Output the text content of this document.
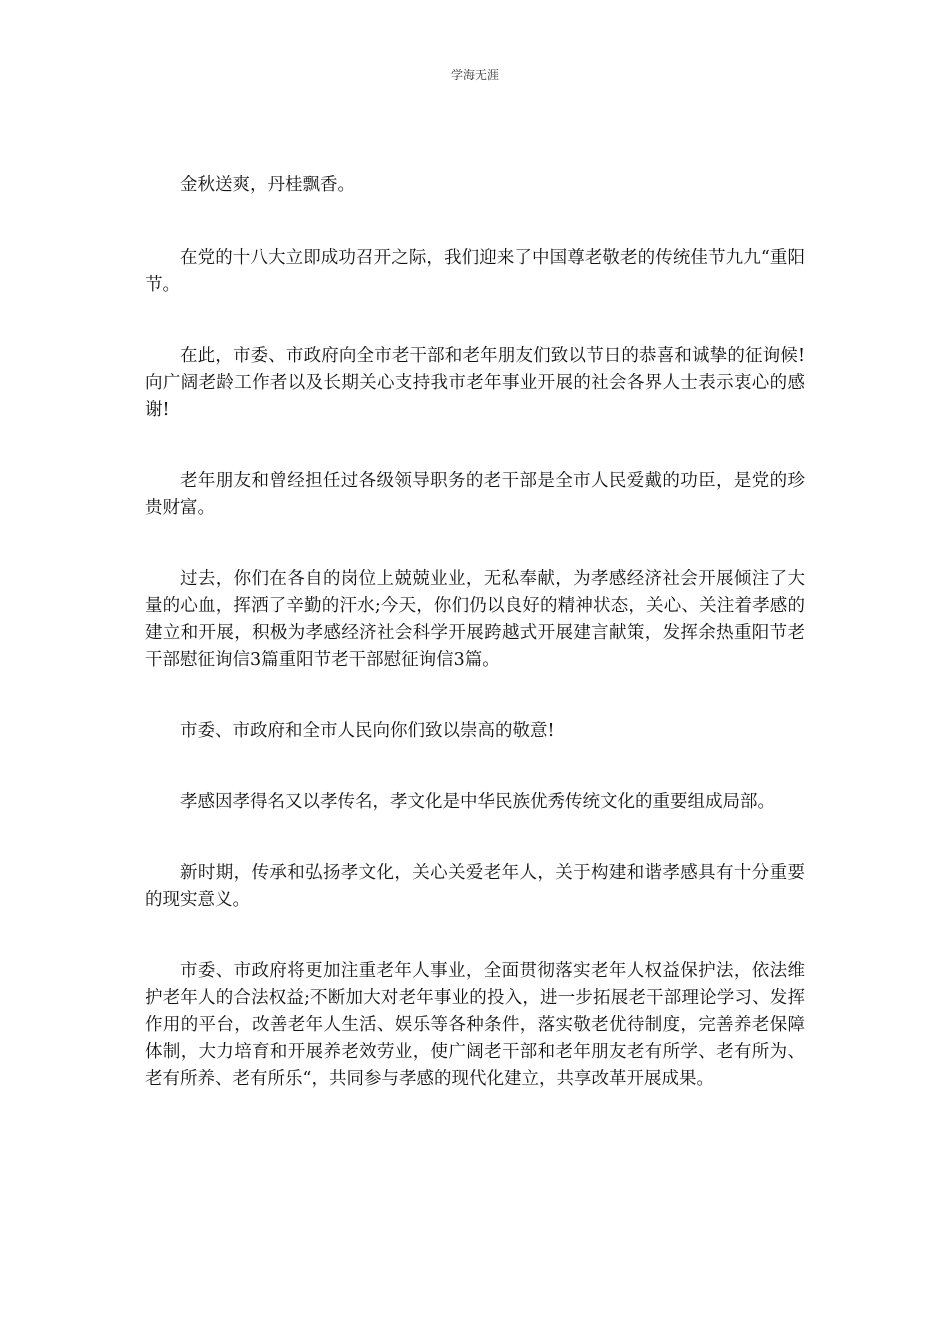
学海无涯

金秋送爽，丹桂飘香。

在党的十八大立即成功召开之际，我们迎来了中国尊老敬老的传统佳节九九“重阳节。

在此，市委、市政府向全市老干部和老年朋友们致以节日的恭喜和诚挚的征询候!向广阔老龄工作者以及长期关心支持我市老年事业开展的社会各界人士表示衷心的感谢!

老年朋友和曾经担任过各级领导职务的老干部是全市人民爱戴的功臣，是党的珍贵财富。

过去，你们在各自的岗位上兢兢业业，无私奉献，为孝感经济社会开展倾注了大量的心血，挥洒了辛勤的汗水;今天，你们仍以良好的精神状态，关心、关注着孝感的建立和开展，积极为孝感经济社会科学开展跨越式开展建言献策，发挥余热重阳节老干部慰征询信3篇重阳节老干部慰征询信3篇。

市委、市政府和全市人民向你们致以崇高的敬意!

孝感因孝得名又以孝传名，孝文化是中华民族优秀传统文化的重要组成局部。

新时期，传承和弘扬孝文化，关心关爱老年人，关于构建和谐孝感具有十分重要的现实意义。

市委、市政府将更加注重老年人事业，全面贯彻落实老年人权益保护法，依法维护老年人的合法权益;不断加大对老年事业的投入，进一步拓展老干部理论学习、发挥作用的平台，改善老年人生活、娱乐等各种条件，落实敬老优待制度，完善养老保障体制，大力培育和开展养老效劳业，使广阔老干部和老年朋友老有所学、老有所为、老有所养、老有所乐“，共同参与孝感的现代化建立，共享改革开展成果。
